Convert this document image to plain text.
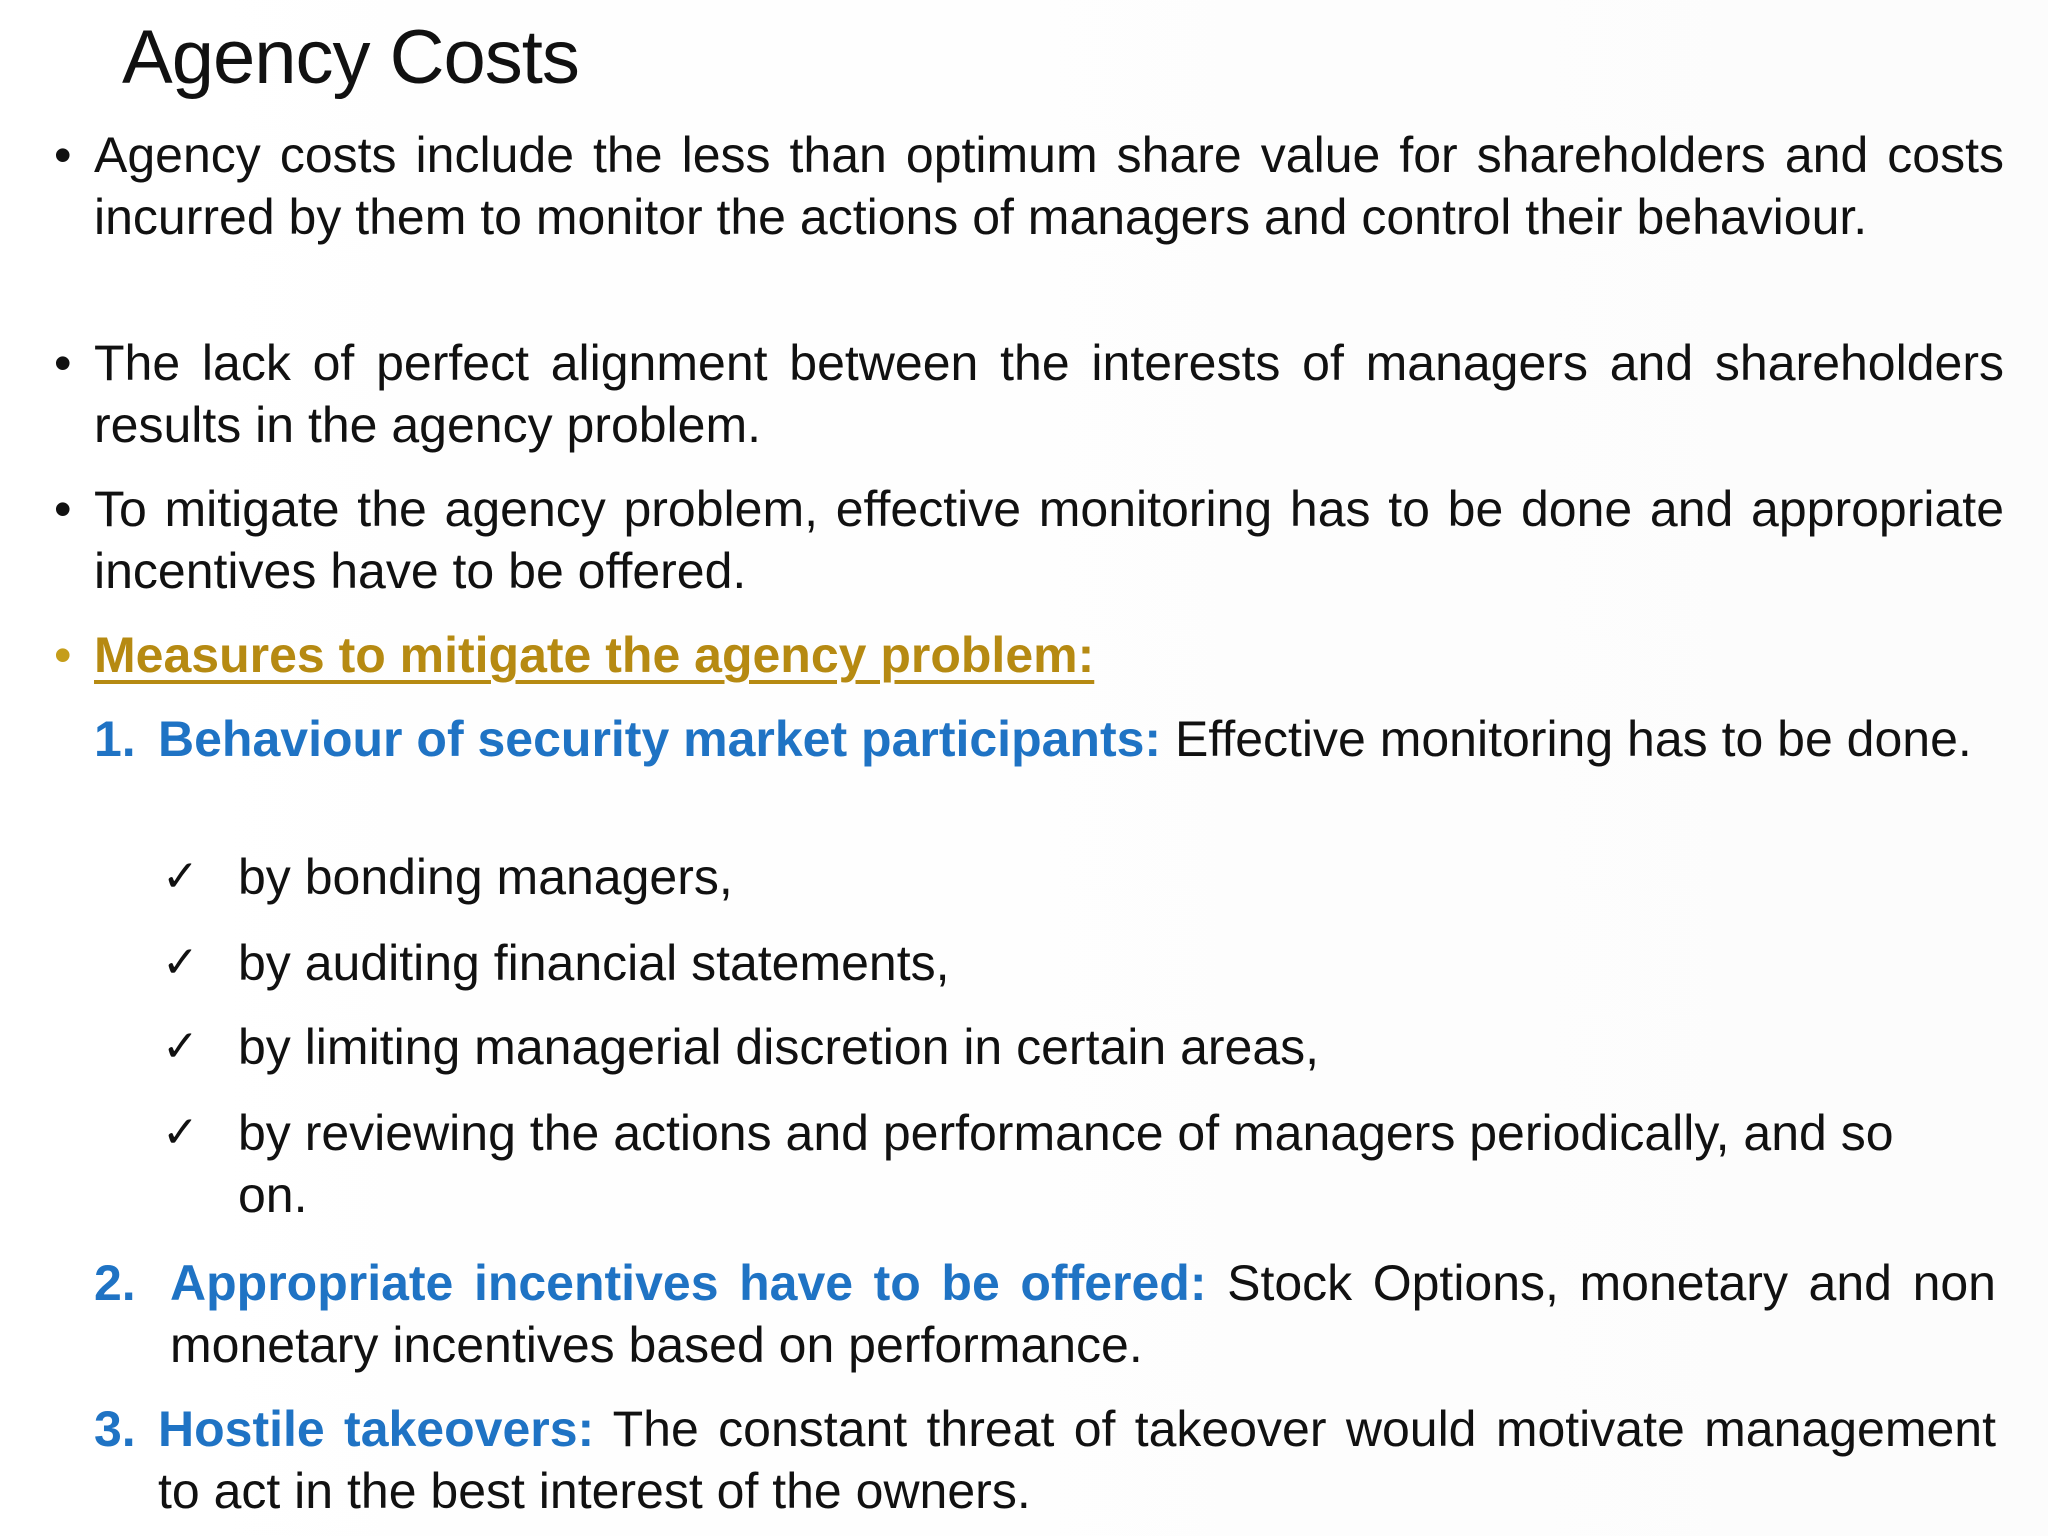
Agency Costs
• Agency costs include the less than optimum share value for shareholders and costs incurred by them to monitor the actions of managers and control their behaviour.
• The lack of perfect alignment between the interests of managers and shareholders results in the agency problem.
• To mitigate the agency problem, effective monitoring has to be done and appropriate incentives have to be offered.
• Measures to mitigate the agency problem:
1. Behaviour of security market participants: Effective monitoring has to be done.
✓ by bonding managers,
✓ by auditing financial statements,
✓ by limiting managerial discretion in certain areas,
✓ by reviewing the actions and performance of managers periodically, and so on.
2. Appropriate incentives have to be offered: Stock Options, monetary and non monetary incentives based on performance.
3. Hostile takeovers: The constant threat of takeover would motivate management to act in the best interest of the owners.
